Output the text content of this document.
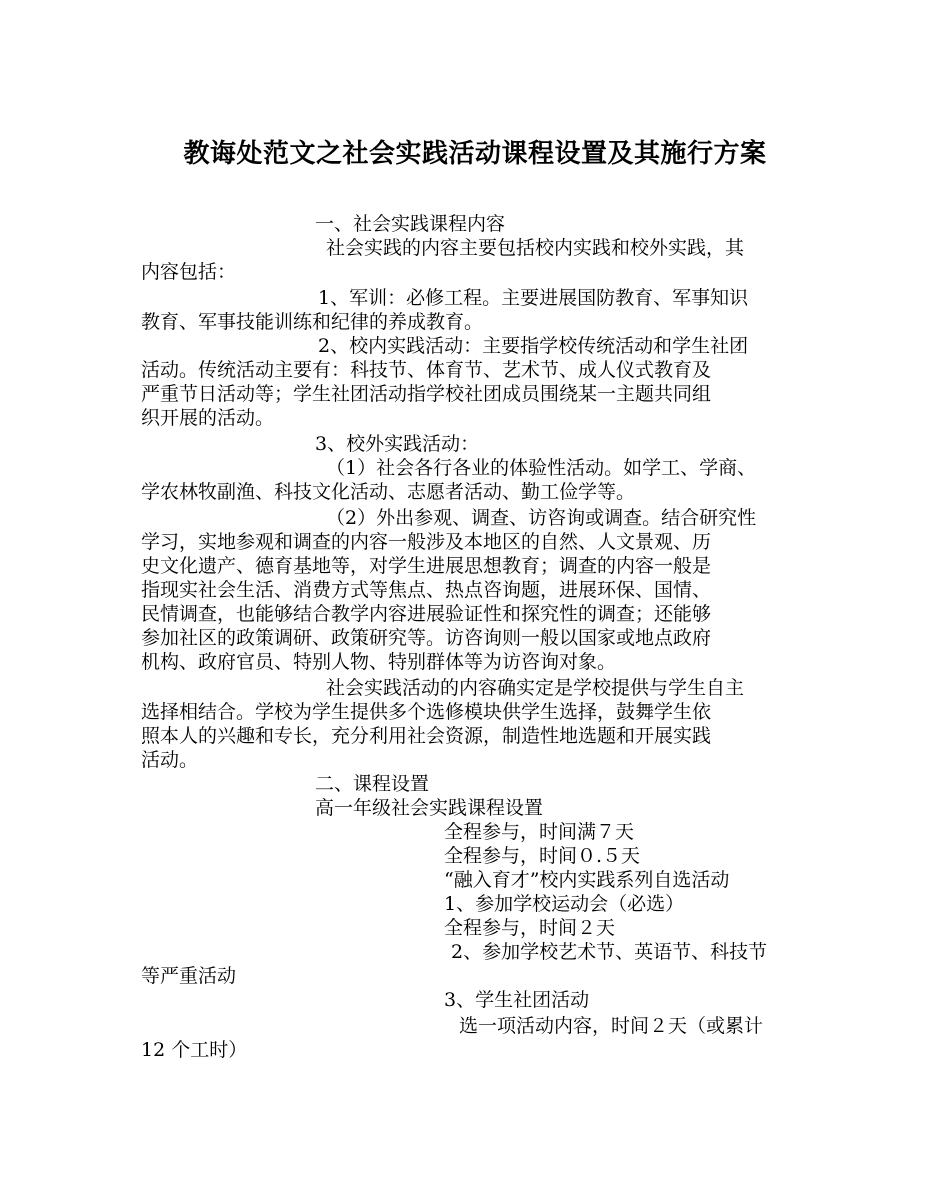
教诲处范文之社会实践活动课程设置及其施行方案
一、社会实践课程内容
社会实践的内容主要包括校内实践和校外实践，其
内容包括：
1、军训：必修工程。主要进展国防教育、军事知识
教育、军事技能训练和纪律的养成教育。
2、校内实践活动：主要指学校传统活动和学生社团
活动。传统活动主要有：科技节、体育节、艺术节、成人仪式教育及
严重节日活动等；学生社团活动指学校社团成员围绕某一主题共同组
织开展的活动。
3、校外实践活动：
（1）社会各行各业的体验性活动。如学工、学商、
学农林牧副渔、科技文化活动、志愿者活动、勤工俭学等。
（2）外出参观、调查、访咨询或调查。结合研究性
学习，实地参观和调查的内容一般涉及本地区的自然、人文景观、历
史文化遗产、德育基地等，对学生进展思想教育；调查的内容一般是
指现实社会生活、消费方式等焦点、热点咨询题，进展环保、国情、
民情调查，也能够结合教学内容进展验证性和探究性的调查；还能够
参加社区的政策调研、政策研究等。访咨询则一般以国家或地点政府
机构、政府官员、特别人物、特别群体等为访咨询对象。
社会实践活动的内容确实定是学校提供与学生自主
选择相结合。学校为学生提供多个选修模块供学生选择，鼓舞学生依
照本人的兴趣和专长，充分利用社会资源，制造性地选题和开展实践
活动。
二、课程设置
高一年级社会实践课程设置
全程参与，时间满７天
全程参与，时间０.５天
“融入育才”校内实践系列自选活动
1、参加学校运动会（必选）
全程参与，时间２天
2、参加学校艺术节、英语节、科技节
等严重活动
3、学生社团活动
选一项活动内容，时间２天（或累计
12 个工时）
